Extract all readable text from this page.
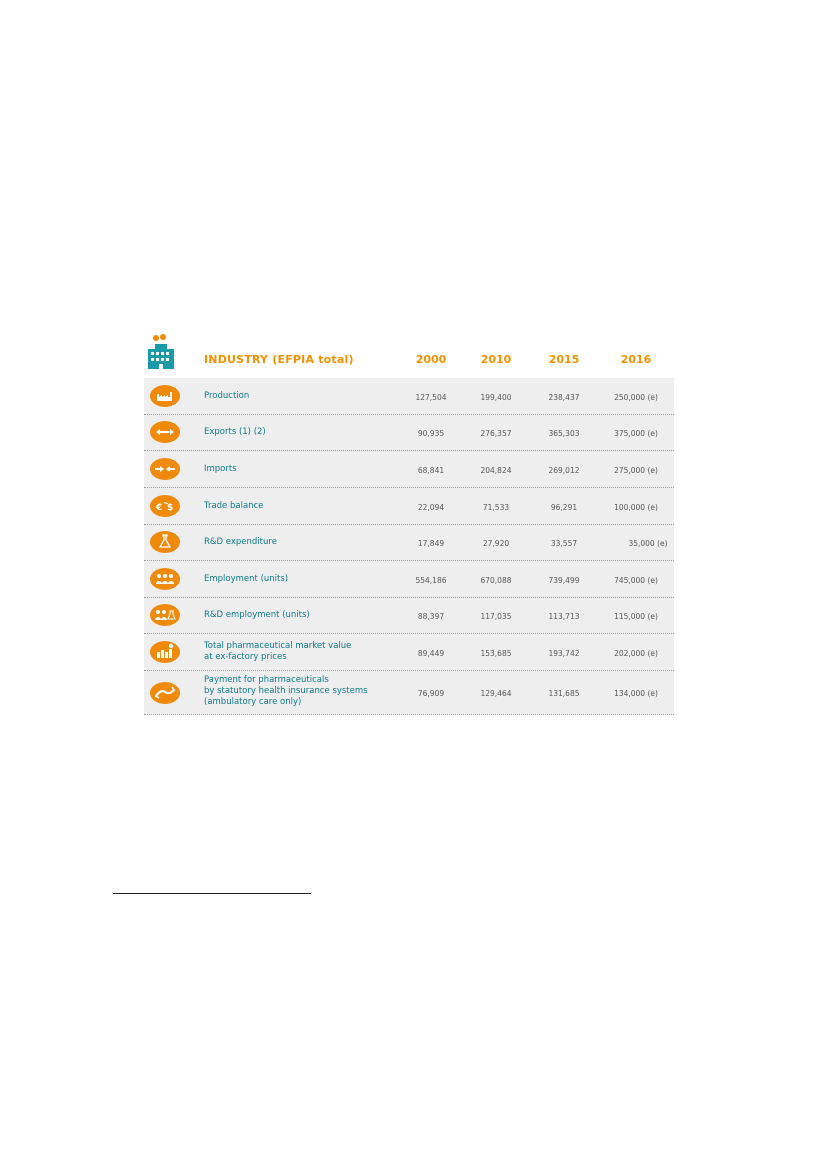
INDUSTRY (EFPIA total)	2000	2010	2015	2016
Production	127,504	199,400	238,437	250,000 (e)
Exports (1) (2)	90,935	276,357	365,303	375,000 (e)
Imports	68,841	204,824	269,012	275,000 (e)
€ $	Trade balance	22,094	71,533	96,291	100,000 (e)
R&D expenditure	17,849	27,920	33,557	35,000 (e)
Employment (units)	554,186	670,088	739,499	745,000 (e)
R&D employment (units)	88,397	117,035	113,713	115,000 (e)
Total pharmaceutical market value
at ex-factory prices	89,449	153,685	193,742	202,000 (e)
Payment for pharmaceuticals
by statutory health insurance systems
(ambulatory care only)
76,909	129,464	131,685	134,000 (e)
